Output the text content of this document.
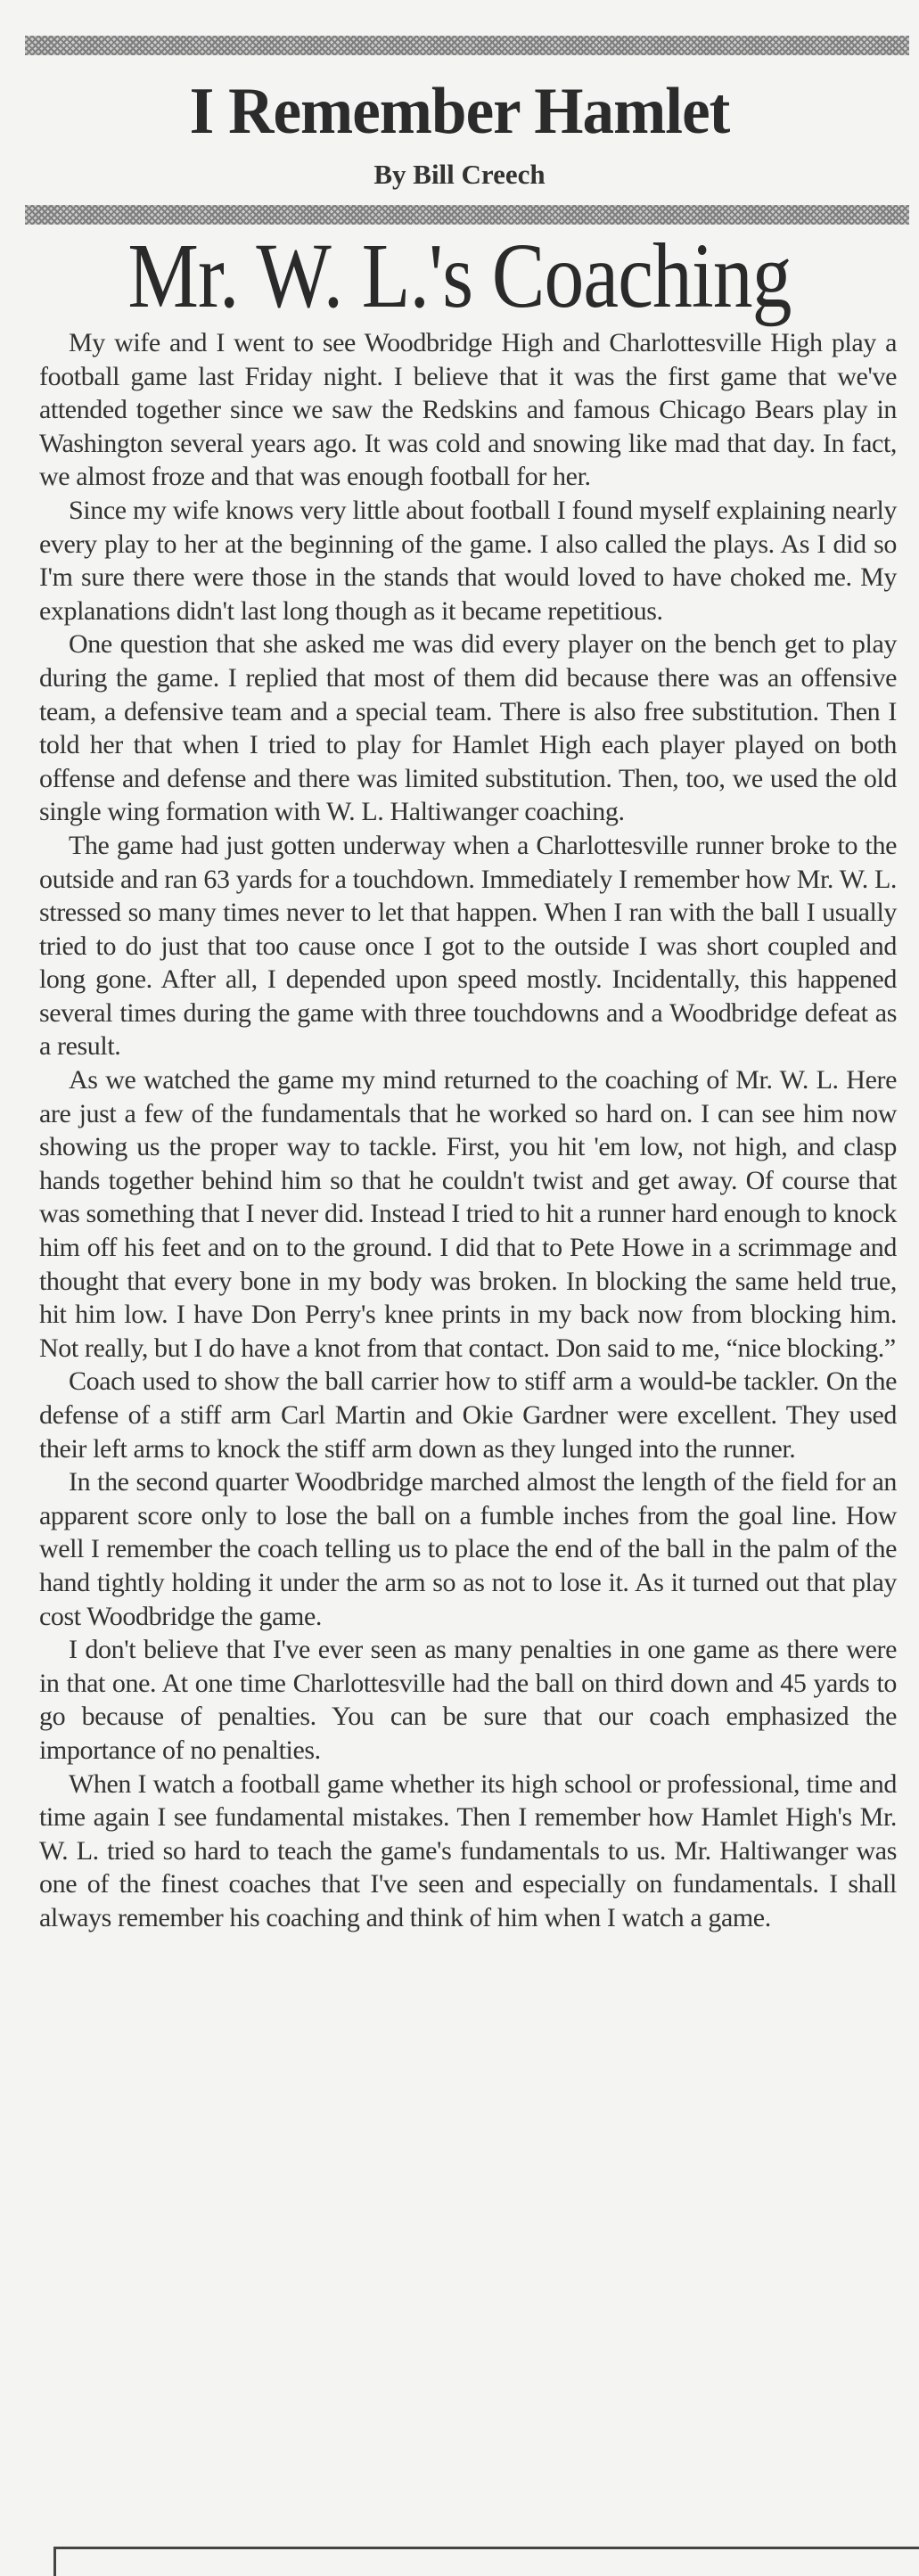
I Remember Hamlet
By Bill Creech
Mr. W. L.'s Coaching

My wife and I went to see Woodbridge High and Charlottesville High play a football game last Friday night. I believe that it was the first game that we've attended together since we saw the Redskins and famous Chicago Bears play in Washington several years ago. It was cold and snowing like mad that day. In fact, we almost froze and that was enough football for her.

Since my wife knows very little about football I found myself explaining nearly every play to her at the beginning of the game. I also called the plays. As I did so I'm sure there were those in the stands that would loved to have choked me. My explanations didn't last long though as it became repetitious.

One question that she asked me was did every player on the bench get to play during the game. I replied that most of them did because there was an offensive team, a defensive team and a special team. There is also free substitution. Then I told her that when I tried to play for Hamlet High each player played on both offense and defense and there was limited substitution. Then, too, we used the old single wing formation with W. L. Haltiwanger coaching.

The game had just gotten underway when a Charlottesville runner broke to the outside and ran 63 yards for a touchdown. Immediately I remember how Mr. W. L. stressed so many times never to let that happen. When I ran with the ball I usually tried to do just that too cause once I got to the outside I was short coupled and long gone. After all, I depended upon speed mostly. Incidentally, this happened several times during the game with three touchdowns and a Woodbridge defeat as a result.

As we watched the game my mind returned to the coaching of Mr. W. L. Here are just a few of the fundamentals that he worked so hard on. I can see him now showing us the proper way to tackle. First, you hit 'em low, not high, and clasp hands together behind him so that he couldn't twist and get away. Of course that was something that I never did. Instead I tried to hit a runner hard enough to knock him off his feet and on to the ground. I did that to Pete Howe in a scrimmage and thought that every bone in my body was broken. In blocking the same held true, hit him low. I have Don Perry's knee prints in my back now from blocking him. Not really, but I do have a knot from that contact. Don said to me, “nice blocking.”

Coach used to show the ball carrier how to stiff arm a would-be tackler. On the defense of a stiff arm Carl Martin and Okie Gardner were excellent. They used their left arms to knock the stiff arm down as they lunged into the runner.

In the second quarter Woodbridge marched almost the length of the field for an apparent score only to lose the ball on a fumble inches from the goal line. How well I remember the coach telling us to place the end of the ball in the palm of the hand tightly holding it under the arm so as not to lose it. As it turned out that play cost Woodbridge the game.

I don't believe that I've ever seen as many penalties in one game as there were in that one. At one time Charlottesville had the ball on third down and 45 yards to go because of penalties. You can be sure that our coach emphasized the importance of no penalties.

When I watch a football game whether its high school or professional, time and time again I see fundamental mistakes. Then I remember how Hamlet High's Mr. W. L. tried so hard to teach the game's fundamentals to us. Mr. Haltiwanger was one of the finest coaches that I've seen and especially on fundamentals. I shall always remember his coaching and think of him when I watch a game.
